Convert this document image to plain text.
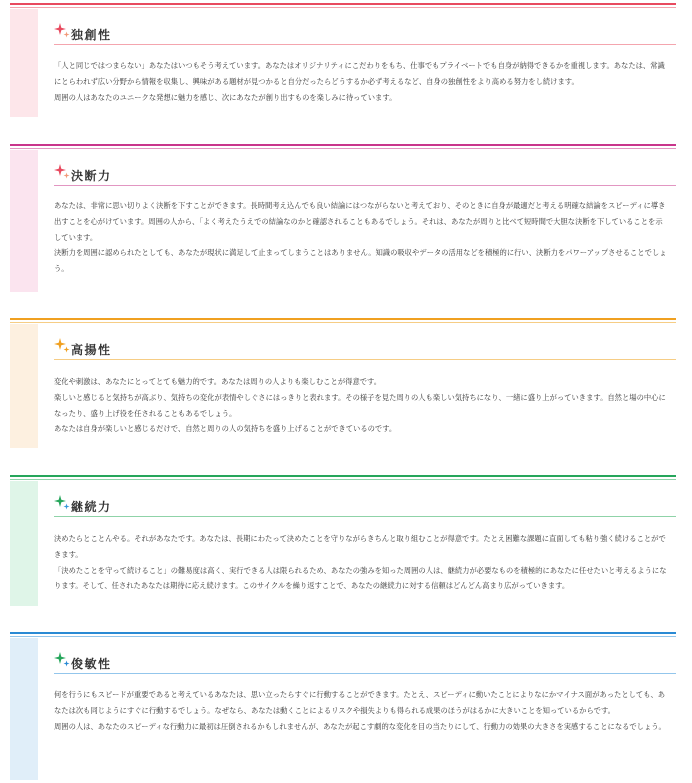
独創性

「人と同じではつまらない」あなたはいつもそう考えています。あなたはオリジナリティにこだわりをもち、仕事でもプライベートでも自身が納得できるかを重視します。あなたは、常識にとらわれず広い分野から情報を収集し、興味がある題材が見つかると自分だったらどうするか必ず考えるなど、自身の独創性をより高める努力をし続けます。

周囲の人はあなたのユニークな発想に魅力を感じ、次にあなたが創り出すものを楽しみに待っています。

決断力

あなたは、非常に思い切りよく決断を下すことができます。長時間考え込んでも良い結論にはつながらないと考えており、そのときに自身が最適だと考える明確な結論をスピーディに導き出すことを心がけています。周囲の人から、「よく考えたうえでの結論なのかと確認されることもあるでしょう。それは、あなたが周りと比べて短時間で大胆な決断を下していることを示しています。

決断力を周囲に認められたとしても、あなたが現状に満足して止まってしまうことはありません。知識の吸収やデータの活用などを積極的に行い、決断力をパワーアップさせることでしょう。

高揚性

変化や刺激は、あなたにとってとても魅力的です。あなたは周りの人よりも楽しむことが得意です。

楽しいと感じると気持ちが高ぶり、気持ちの変化が表情やしぐさにはっきりと表れます。その様子を見た周りの人も楽しい気持ちになり、一緒に盛り上がっていきます。自然と場の中心になったり、盛り上げ役を任されることもあるでしょう。

あなたは自身が楽しいと感じるだけで、自然と周りの人の気持ちを盛り上げることができているのです。

継続力

決めたらとことんやる。それがあなたです。あなたは、長期にわたって決めたことを守りながらきちんと取り組むことが得意です。たとえ困難な課題に直面しても粘り強く続けることができます。

「決めたことを守って続けること」の難易度は高く、実行できる人は限られるため、あなたの強みを知った周囲の人は、継続力が必要なものを積極的にあなたに任せたいと考えるようになります。そして、任されたあなたは期待に応え続けます。このサイクルを繰り返すことで、あなたの継続力に対する信頼はどんどん高まり広がっていきます。

俊敏性

何を行うにもスピードが重要であると考えているあなたは、思い立ったらすぐに行動することができます。たとえ、スピーディに動いたことによりなにかマイナス面があったとしても、あなたは次も同じようにすぐに行動するでしょう。なぜなら、あなたは動くことによるリスクや損失よりも得られる成果のほうがはるかに大きいことを知っているからです。

周囲の人は、あなたのスピーディな行動力に最初は圧倒されるかもしれませんが、あなたが起こす劇的な変化を目の当たりにして、行動力の効果の大きさを実感することになるでしょう。
